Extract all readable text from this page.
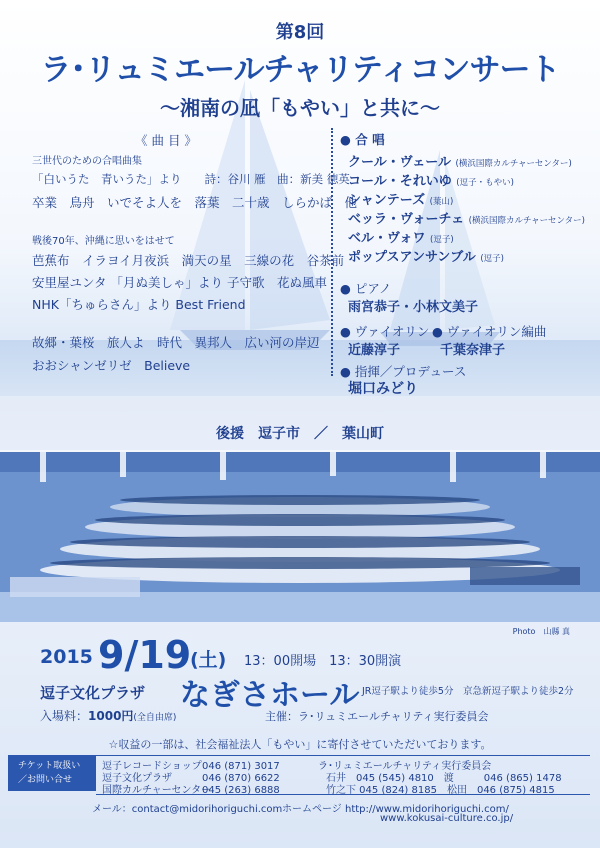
第8回
ラ･リュミエールチャリティコンサート
～湘南の凪「もやい」と共に～
《 曲 目 》
三世代のための合唱曲集
「白いうた　青いうた」より　　詩：谷川 雁　曲：新美 徳英
卒業　鳥舟　いでそよ人を　落葉　二十歳　しらかば　他
戦後70年、沖縄に思いをはせて
芭蕉布　イラヨイ月夜浜　満天の星　三線の花　谷茶前
安里屋ユンタ 「月ぬ美しゃ」より 子守歌　花ぬ風車
NHK「ちゅらさん」より Best Friend
故郷・葉桜　旅人よ　時代　異邦人　広い河の岸辺
おおシャンゼリゼ　Believe
● 合 唱
クール・ヴェール (横浜国際カルチャーセンター)
コール・それいゆ (逗子・もやい)
シャンテーズ (葉山)
ベッラ・ヴォーチェ (横浜国際カルチャーセンター)
ベル・ヴォワ (逗子)
ポップスアンサンブル (逗子)
● ピアノ
雨宮恭子・小林文美子
● ヴァイオリン ● ヴァイオリン編曲
近藤淳子	千葉奈津子
● 指揮／プロデュース
堀口みどり
後援　逗子市　／　葉山町
Photo　山縣 真
2015 9/19
(土) 13：00開場　13：30開演
逗子文化プラザ なぎさホール JR逗子駅より徒歩5分　京急新逗子駅より徒歩2分
入場料：1000円(全自由席)	主催：ラ･リュミエールチャリティ実行委員会
☆収益の一部は、社会福祉法人「もやい」に寄付させていただいております。
チケット取扱い
／お問い合せ
逗子レコードショップ046 (871) 3017
逗子文化プラザ	046 (870) 6622
国際カルチャーセンター045 (263) 6888
ラ･リュミエールチャリティ実行委員会
石井　045 (545) 4810　渡　　　046 (865) 1478
竹之下 045 (824) 8185　松田　046 (875) 4815
メール：contact@midorihoriguchi.com ホームページ http://www.midorihoriguchi.com/
www.kokusai-culture.co.jp/
